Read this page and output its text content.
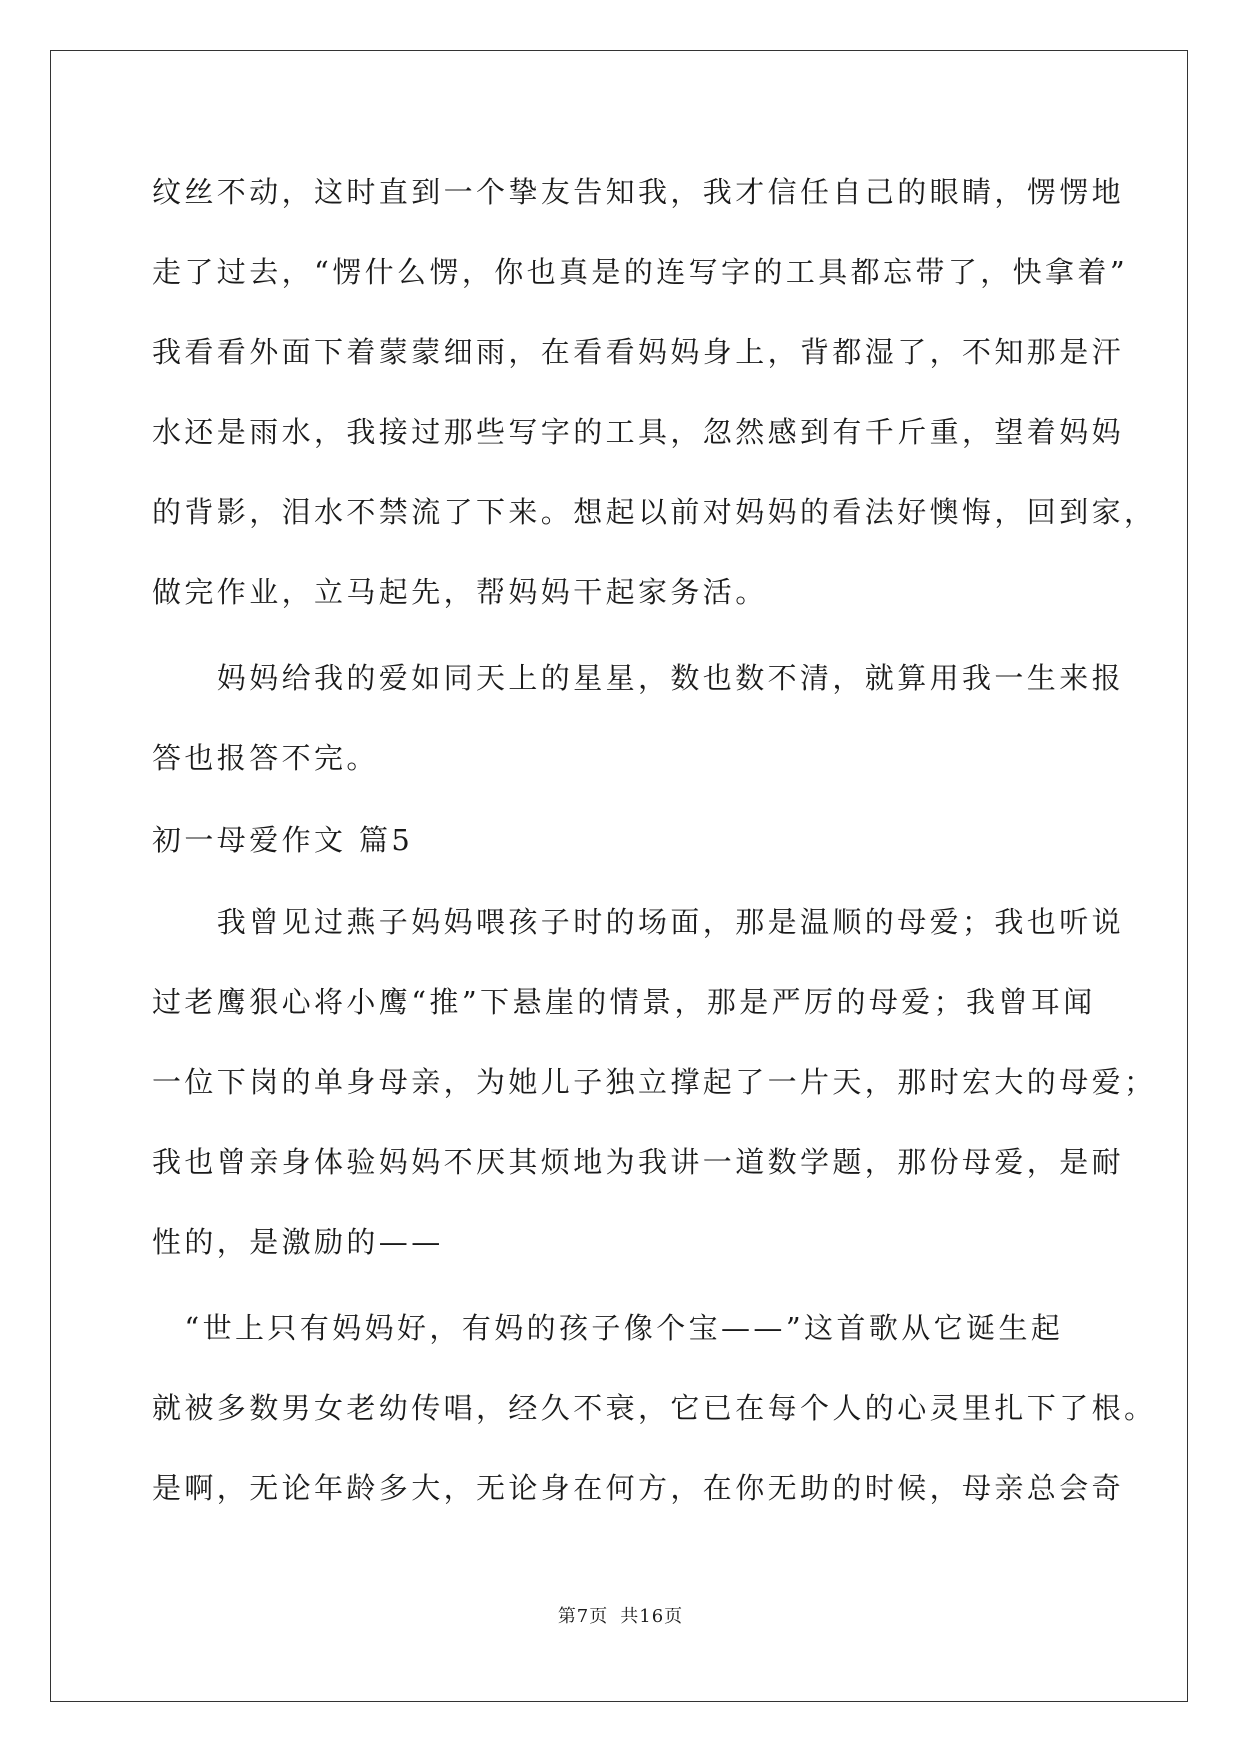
纹丝不动，这时直到一个挚友告知我，我才信任自己的眼睛，愣愣地
走了过去，“愣什么愣，你也真是的连写字的工具都忘带了，快拿着”
我看看外面下着蒙蒙细雨，在看看妈妈身上，背都湿了，不知那是汗
水还是雨水，我接过那些写字的工具，忽然感到有千斤重，望着妈妈
的背影，泪水不禁流了下来。想起以前对妈妈的看法好懊悔，回到家，
做完作业，立马起先，帮妈妈干起家务活。
　　妈妈给我的爱如同天上的星星，数也数不清，就算用我一生来报
答也报答不完。
初一母爱作文 篇5
　　我曾见过燕子妈妈喂孩子时的场面，那是温顺的母爱；我也听说
过老鹰狠心将小鹰“推”下悬崖的情景，那是严厉的母爱；我曾耳闻
一位下岗的单身母亲，为她儿子独立撑起了一片天，那时宏大的母爱；
我也曾亲身体验妈妈不厌其烦地为我讲一道数学题，那份母爱，是耐
性的，是激励的——
　“世上只有妈妈好，有妈的孩子像个宝——”这首歌从它诞生起
就被多数男女老幼传唱，经久不衰，它已在每个人的心灵里扎下了根。
是啊，无论年龄多大，无论身在何方，在你无助的时候，母亲总会奇
第7页 共16页
